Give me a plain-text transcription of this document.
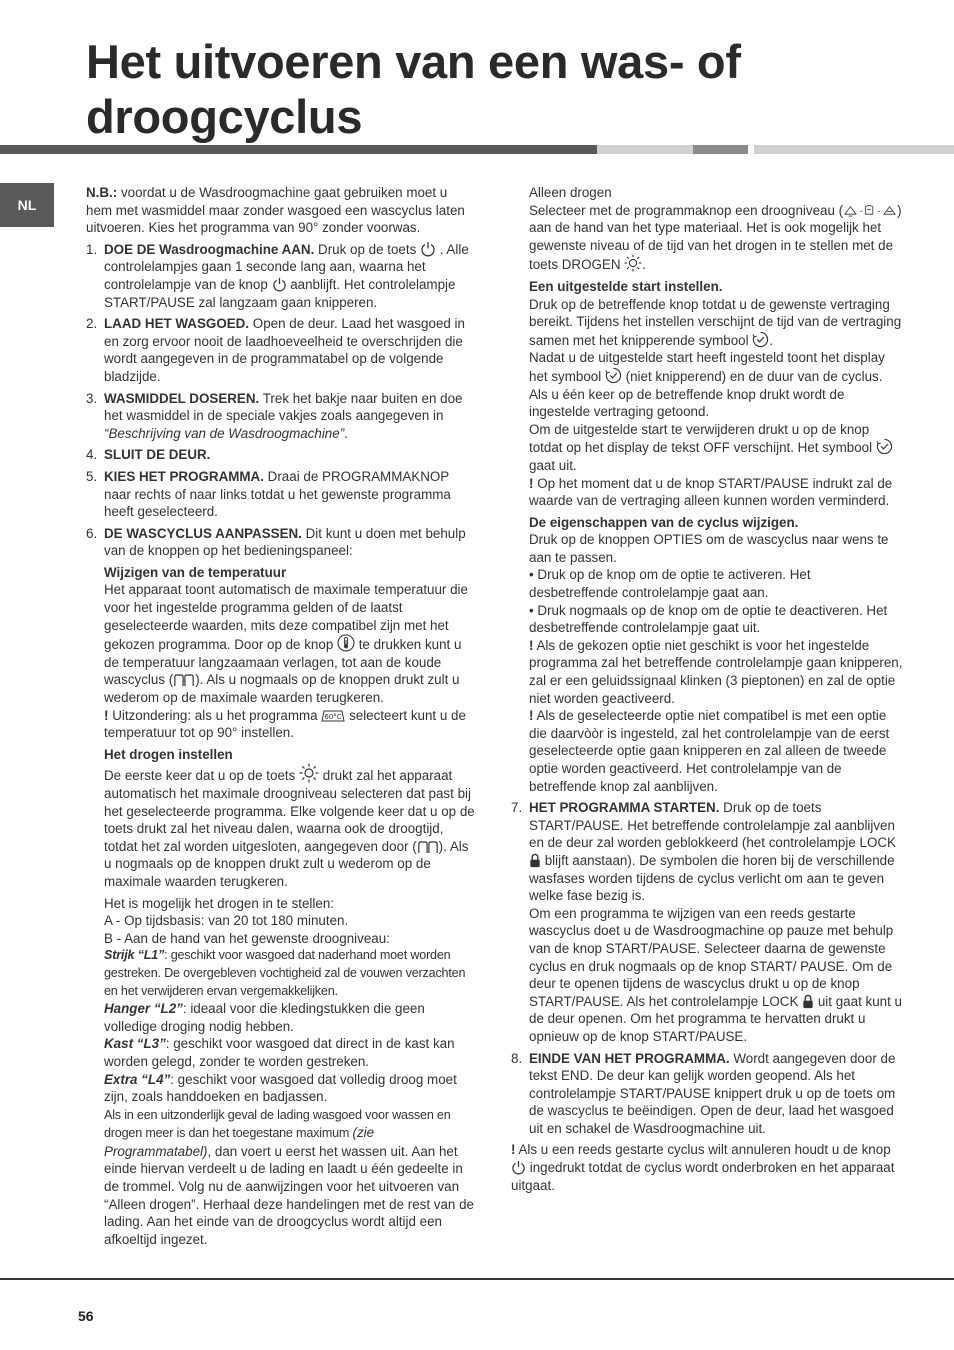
Het uitvoeren van een was- of droogcyclus
NL

N.B.: voordat u de Wasdroogmachine gaat gebruiken moet u hem met wasmiddel maar zonder wasgoed een wascyclus laten uitvoeren. Kies het programma van 90° zonder voorwas.

1. DOE DE Wasdroogmachine AAN. Druk op de toets
. Alle controlelampjes gaan 1 seconde lang aan, waarna het controlelampje van de knop
aanblijft. Het controlelampje START/PAUSE zal langzaam gaan knipperen.
2. LAAD HET WASGOED. Open de deur. Laad het wasgoed in en zorg ervoor nooit de laadhoeveelheid te overschrijden die wordt aangegeven in de programmatabel op de volgende bladzijde.
3. WASMIDDEL DOSEREN. Trek het bakje naar buiten en doe het wasmiddel in de speciale vakjes zoals aangegeven in “Beschrijving van de Wasdroogmachine”.
4. SLUIT DE DEUR.
5. KIES HET PROGRAMMA. Draai de PROGRAMMAKNOP naar rechts of naar links totdat u het gewenste programma heeft geselecteerd.
6. DE WASCYCLUS AANPASSEN. Dit kunt u doen met behulp van de knoppen op het bedieningspaneel:
Wijzigen van de temperatuur
Het apparaat toont automatisch de maximale temperatuur die voor het ingestelde programma gelden of de laatst geselecteerde waarden, mits deze compatibel zijn met het gekozen programma. Door op de knop
te drukken kunt u de temperatuur langzaamaan verlagen, tot aan de koude wascyclus ( ). Als u nogmaals op de knoppen drukt zult u wederom op de maximale waarden terugkeren.
! Uitzondering: als u het programma
selecteert kunt u de temperatuur tot op 90° instellen.
Het drogen instellen
De eerste keer dat u op de toets
drukt zal het apparaat automatisch het maximale droogniveau selecteren dat past bij het geselecteerde programma. Elke volgende keer dat u op de toets drukt zal het niveau dalen, waarna ook de droogtijd, totdat het zal worden uitgesloten, aangegeven door ( ). Als u nogmaals op de knoppen drukt zult u wederom op de maximale waarden terugkeren.

Het is mogelijk het drogen in te stellen:

A - Op tijdsbasis: van 20 tot 180 minuten.

B - Aan de hand van het gewenste droogniveau:

Strijk “L1”: geschikt voor wasgoed dat naderhand moet worden gestreken. De overgebleven vochtigheid zal de vouwen verzachten en het verwijderen ervan vergemakkelijken.

Hanger “L2”: ideaal voor die kledingstukken die geen volledige droging nodig hebben.

Kast “L3”: geschikt voor wasgoed dat direct in de kast kan worden gelegd, zonder te worden gestreken.

Extra “L4”: geschikt voor wasgoed dat volledig droog moet zijn, zoals handdoeken en badjassen.

Als in een uitzonderlijk geval de lading wasgoed voor wassen en drogen meer is dan het toegestane maximum (zie Programmatabel), dan voert u eerst het wassen uit. Aan het einde hiervan verdeelt u de lading en laadt u één gedeelte in de trommel. Volg nu de aanwijzingen voor het uitvoeren van “Alleen drogen”. Herhaal deze handelingen met de rest van de lading. Aan het einde van de droogcyclus wordt altijd een afkoeltijd ingezet.

Alleen drogen

Selecteer met de programmaknop een droogniveau (	) aan de hand van het type materiaal. Het is ook mogelijk het gewenste niveau of de tijd van het drogen in te stellen met de toets DROGEN
.

Een uitgestelde start instellen.

Druk op de betreffende knop totdat u de gewenste vertraging bereikt. Tijdens het instellen verschijnt de tijd van de vertraging samen met het knipperende symbool
.

Nadat u de uitgestelde start heeft ingesteld toont het display het symbool
(niet knipperend) en de duur van de cyclus. Als u één keer op de betreffende knop drukt wordt de ingestelde vertraging getoond.

Om de uitgestelde start te verwijderen drukt u op de knop totdat op het display de tekst OFF verschijnt. Het symbool
gaat uit.

! Op het moment dat u de knop START/PAUSE indrukt zal de waarde van de vertraging alleen kunnen worden verminderd.

De eigenschappen van de cyclus wijzigen.

Druk op de knoppen OPTIES om de wascyclus naar wens te aan te passen.

• Druk op de knop om de optie te activeren. Het desbetreffende controlelampje gaat aan.

• Druk nogmaals op de knop om de optie te deactiveren. Het desbetreffende controlelampje gaat uit.

! Als de gekozen optie niet geschikt is voor het ingestelde programma zal het betreffende controlelampje gaan knipperen, zal er een geluidssignaal klinken (3 pieptonen) en zal de optie niet worden geactiveerd.

! Als de geselecteerde optie niet compatibel is met een optie die daarvòòr is ingesteld, zal het controlelampje van de eerst geselecteerde optie gaan knipperen en zal alleen de tweede optie worden geactiveerd. Het controlelampje van de betreffende knop zal aanblijven.

7. HET PROGRAMMA STARTEN. Druk op de toets START/PAUSE. Het betreffende controlelampje zal aanblijven en de deur zal worden geblokkeerd (het controlelampje LOCK
blijft aanstaan). De symbolen die horen bij de verschillende wasfases worden tijdens de cyclus verlicht om aan te geven welke fase bezig is.
Om een programma te wijzigen van een reeds gestarte wascyclus doet u de Wasdroogmachine op pauze met behulp van de knop START/PAUSE. Selecteer daarna de gewenste cyclus en druk nogmaals op de knop START/ PAUSE. Om de deur te openen tijdens de wascyclus drukt u op de knop START/PAUSE. Als het controlelampje LOCK
uit gaat kunt u de deur openen. Om het programma te hervatten drukt u opnieuw op de knop START/PAUSE.
8. EINDE VAN HET PROGRAMMA. Wordt aangegeven door de tekst END. De deur kan gelijk worden geopend. Als het controlelampje START/PAUSE knippert druk u op de toets om de wascyclus te beëindigen. Open de deur, laad het wasgoed uit en schakel de Wasdroogmachine uit.

! Als u een reeds gestarte cyclus wilt annuleren houdt u de knop
ingedrukt totdat de cyclus wordt onderbroken en het apparaat uitgaat.

56
